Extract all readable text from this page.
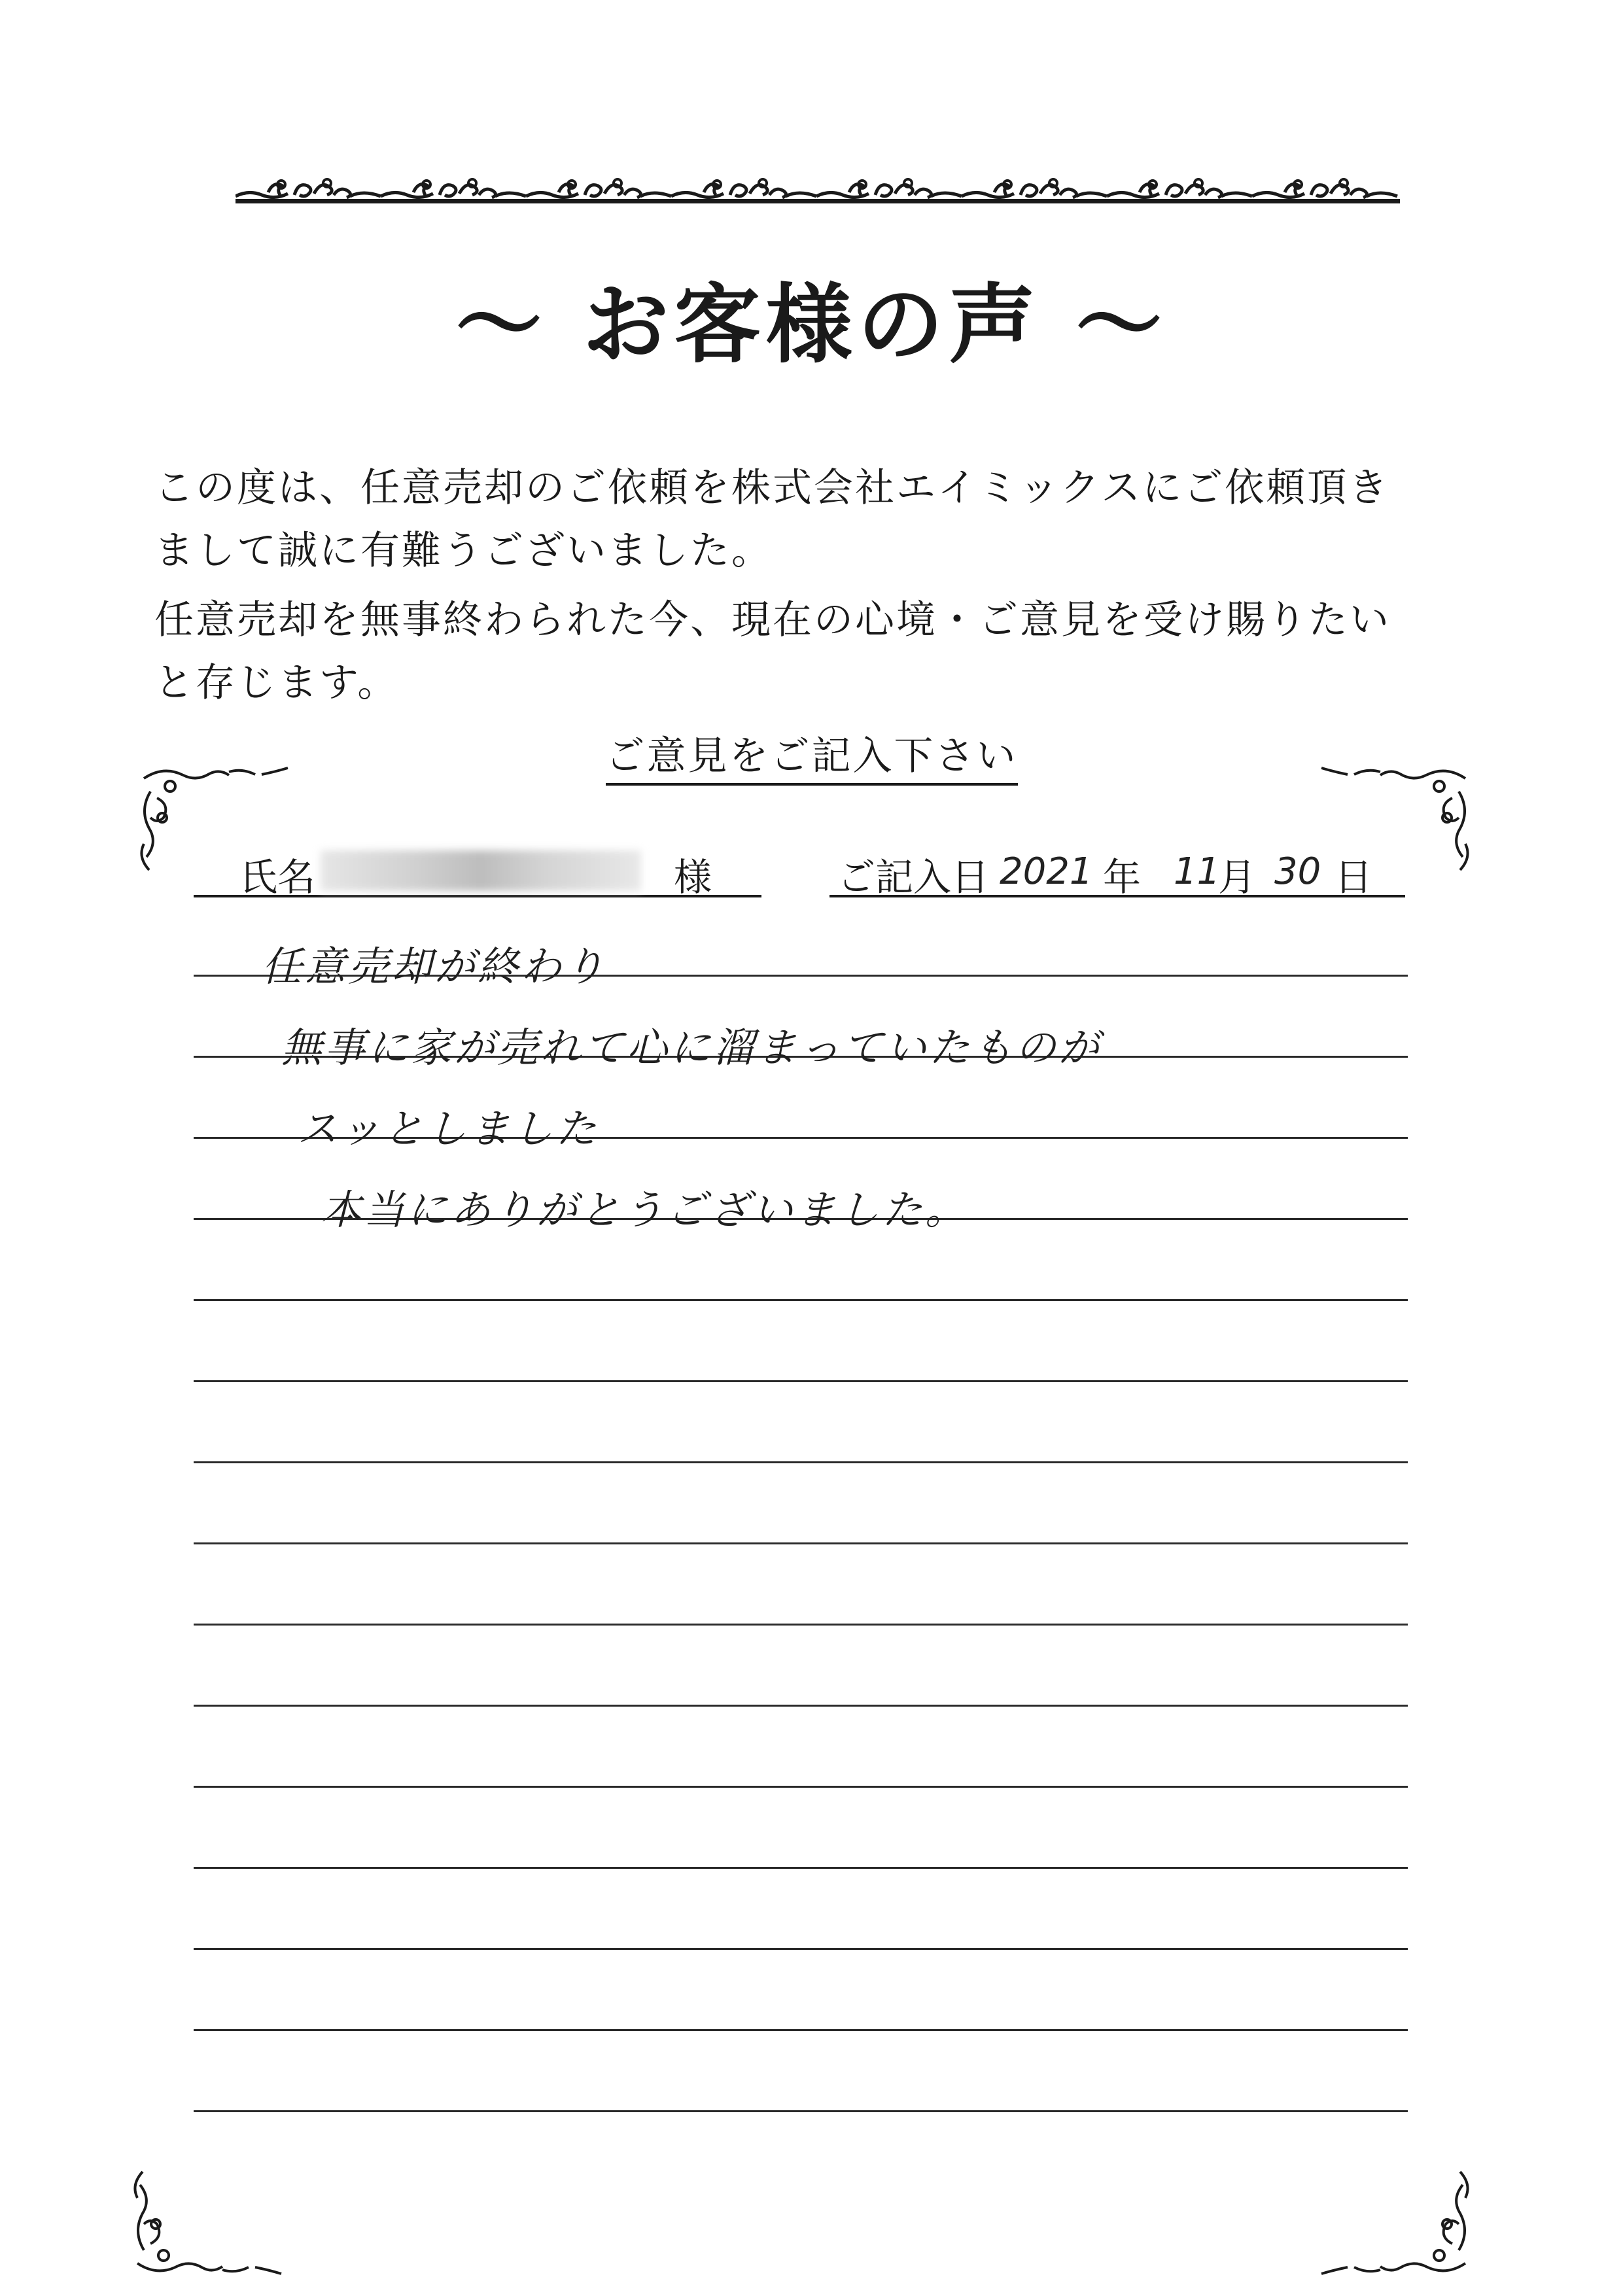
～ お客様の声 ～
この度は、任意売却のご依頼を株式会社エイミックスにご依頼頂き
まして誠に有難うございました。
任意売却を無事終わられた今、現在の心境・ご意見を受け賜りたい
と存じます。
ご意見をご記入下さい
氏名	様	ご記入日 2021 年 11
月 30 日
任意売却が終わり
無事に家が売れて心に溜まっていたものが
スッとしました
本当にありがとうございました。
